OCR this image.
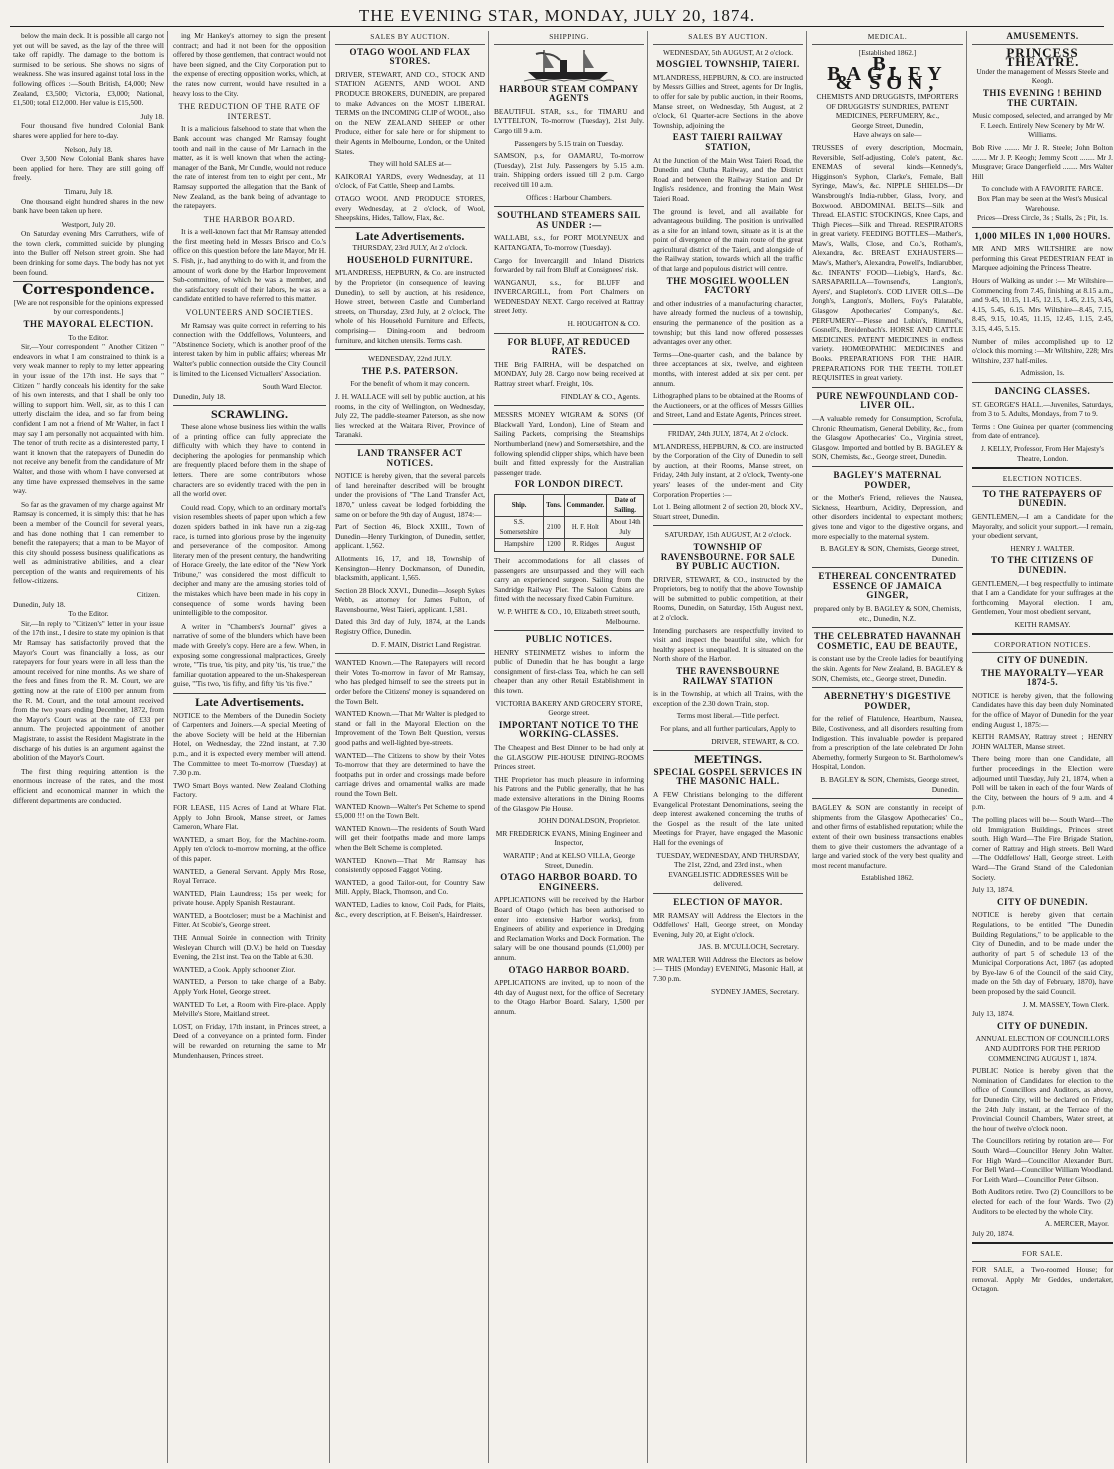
THE EVENING STAR, MONDAY, JULY 20, 1874.

below the main deck. It is possible all cargo not yet out will be saved, as the lay of the three will take off rapidly. The damage to the bottom is surmised to be serious. She shows no signs of weakness. She was insured against total loss in the following offices :—South British, £4,000; New Zealand, £3,500; Victoria, £3,000; National, £1,500; total £12,000. Her value is £15,500.

July 18.

Four thousand five hundred Colonial Bank shares were applied for here to-day.

Nelson, July 18.

Over 3,500 New Colonial Bank shares have been applied for here. They are still going off freely.

Timaru, July 18.

One thousand eight hundred shares in the new bank have been taken up here.

Westport, July 20.

On Saturday evening Mrs Carruthers, wife of the town clerk, committed suicide by plunging into the Buller off Nelson street groin. She had been drinking for some days. The body has not yet been found.

Correspondence.
[We are not responsible for the opinions expressed by our correspondents.]
THE MAYORAL ELECTION.
To the Editor.

Sir,—Your correspondent " Another Citizen " endeavors in what I am constrained to think is a very weak manner to reply to my letter appearing in your issue of the 17th inst. He says that " Citizen " hardly conceals his identity for the sake of his own interests, and that I shall be only too willing to support him. Well, sir, as to this I can utterly disclaim the idea, and so far from being confident I am not a friend of Mr Walter, in fact I may say I am personally not acquainted with him. The tenor of truth recite as a disinterested party, I want it known that the ratepayers of Dunedin do not receive any benefit from the candidature of Mr Walter, and those with whom I have conversed at any time have expressed themselves in the same way.

So far as the gravamen of my charge against Mr Ramsay is concerned, it is simply this: that he has been a member of the Council for several years, and has done nothing that I can remember to benefit the ratepayers; that a man to be Mayor of this city should possess business qualifications as well as administrative abilities, and a clear perception of the wants and requirements of his fellow-citizens.

Citizen.
Dunedin, July 18.
To the Editor.

Sir,—In reply to "Citizen's" letter in your issue of the 17th inst., I desire to state my opinion is that Mr Ramsay has satisfactorily proved that the Mayor's Court was financially a loss, as our ratepayers for four years were in all less than the amount received for nine months. As we share of the fees and fines from the R. M. Court, we are getting now at the rate of £100 per annum from the R. M. Court, and the total amount received from the two years ending December, 1872, from the Mayor's Court was at the rate of £33 per annum. The projected appointment of another Magistrate, to assist the Resident Magistrate in the discharge of his duties is an argument against the abolition of the Mayor's Court.

The first thing requiring attention is the enormous increase of the rates, and the most efficient and economical manner in which the different departments are conducted.

ing Mr Hankey's attorney to sign the present contract; and had it not been for the opposition offered by those gentlemen, that contract would not have been signed, and the City Corporation put to the expense of erecting opposition works, which, at the rates now current, would have resulted in a heavy loss to the City.

THE REDUCTION OF THE RATE OF INTEREST.

It is a malicious falsehood to state that when the Bank account was changed Mr Ramsay fought tooth and nail in the cause of Mr Larnach in the matter, as it is well known that when the acting-manager of the Bank, Mr Cundle, would not reduce the rate of interest from ten to eight per cent., Mr Ramsay supported the allegation that the Bank of New Zealand, as the bank being of advantage to the ratepayers.

THE HARBOR BOARD.

It is a well-known fact that Mr Ramsay attended the first meeting held in Messrs Brisco and Co.'s office on this question before the late Mayor, Mr H. S. Fish, jr., had anything to do with it, and from the amount of work done by the Harbor Improvement Sub-committee, of which he was a member, and the satisfactory result of their labors, he was as a candidate entitled to have referred to this matter.

VOLUNTEERS AND SOCIETIES.

Mr Ramsay was quite correct in referring to his connection with the Oddfellows, Volunteers, and "Abstinence Society, which is another proof of the interest taken by him in public affairs; whereas Mr Walter's public connection outside the City Council is limited to the Licensed Victuallers' Association.

South Ward Elector.
Dunedin, July 18.
SCRAWLING.

These alone whose business lies within the walls of a printing office can fully appreciate the difficulty with which they have to contend in deciphering the apologies for penmanship which are frequently placed before them in the shape of letters. There are some contributors whose characters are so evidently traced with the pen in all the world over.

Could read. Copy, which to an ordinary mortal's vision resembles sheets of paper upon which a few dozen spiders bathed in ink have run a zig-zag race, is turned into glorious prose by the ingenuity and perseverance of the compositor. Among literary men of the present century, the handwriting of Horace Greely, the late editor of the "New York Tribune," was considered the most difficult to decipher and many are the amusing stories told of the mistakes which have been made in his copy in consequence of some words having been unintelligible to the compositor.

A writer in "Chambers's Journal" gives a narrative of some of the blunders which have been made with Greely's copy. Here are a few. When, in exposing some congressional malpractices, Greely wrote, "'Tis true, 'tis pity, and pity 'tis, 'tis true," the familiar quotation appeared to the un-Shakesperean guise, "'Tis two, 'tis fifty, and fifty 'tis 'tis five."

Late Advertisements.
NOTICE to the Members of the Dunedin Society of Carpenters and Joiners.—A special Meeting of the above Society will be held at the Hibernian Hotel, on Wednesday, the 22nd instant, at 7.30 p.m., and it is expected every member will attend. The Committee to meet To-morrow (Tuesday) at 7.30 p.m.
TWO Smart Boys wanted. New Zealand Clothing Factory.
FOR LEASE, 115 Acres of Land at Whare Flat. Apply to John Brook, Manse street, or James Cameron, Whare Flat.
WANTED, a smart Boy, for the Machine-room. Apply ten o'clock to-morrow morning, at the office of this paper.
WANTED, a General Servant. Apply Mrs Rose, Royal Terrace.
WANTED, Plain Laundress; 15s per week; for private house. Apply Spanish Restaurant.
WANTED, a Bootcloser; must be a Machinist and Fitter. At Scobie's, George street.
THE Annual Soirée in connection with Trinity Wesleyan Church will (D.V.) be held on Tuesday Evening, the 21st inst. Tea on the Table at 6.30.
WANTED, a Cook. Apply schooner Zior.
WANTED, a Person to take charge of a Baby. Apply York Hotel, George street.
WANTED To Let, a Room with Fire-place. Apply Melville's Store, Maitland street.
LOST, on Friday, 17th instant, in Princes street, a Deed of a conveyance on a printed form. Finder will be rewarded on returning the same to Mr Mundenhausen, Princes street.
SALES BY AUCTION.
OTAGO WOOL AND FLAX STORES.
DRIVER, STEWART, AND CO., STOCK AND STATION AGENTS, AND WOOL AND PRODUCE BROKERS, DUNEDIN, are prepared to make Advances on the MOST LIBERAL TERMS on the INCOMING CLIP of WOOL, also on the NEW ZEALAND SHEEP or other Produce, either for sale here or for shipment to their Agents in Melbourne, London, or the United States.
They will hold SALES at—
KAIKORAI YARDS, every Wednesday, at 11 o'clock, of Fat Cattle, Sheep and Lambs.
OTAGO WOOL AND PRODUCE STORES, every Wednesday, at 2 o'clock, of Wool, Sheepskins, Hides, Tallow, Flax, &c.
Late Advertisements.
THURSDAY, 23rd JULY, At 2 o'clock.
HOUSEHOLD FURNITURE.
M'LANDRESS, HEPBURN, & Co. are instructed by the Proprietor (in consequence of leaving Dunedin), to sell by auction, at his residence, Howe street, between Castle and Cumberland streets, on Thursday, 23rd July, at 2 o'clock, The whole of his Household Furniture and Effects, comprising— Dining-room and bedroom furniture, and kitchen utensils. Terms cash.
WEDNESDAY, 22nd JULY.
THE P.S. PATERSON.
For the benefit of whom it may concern.
J. H. WALLACE will sell by public auction, at his rooms, in the city of Wellington, on Wednesday, July 22, The paddle-steamer Paterson, as she now lies wrecked at the Waitara River, Province of Taranaki.
LAND TRANSFER ACT NOTICES.
NOTICE is hereby given, that the several parcels of land hereinafter described will be brought under the provisions of "The Land Transfer Act, 1870," unless caveat be lodged forbidding the same on or before the 9th day of August, 1874:—
Part of Section 46, Block XXIII., Town of Dunedin—Henry Turkington, of Dunedin, settler, applicant. 1,562.
Allotments 16, 17, and 18, Township of Kensington—Henry Dockmanson, of Dunedin, blacksmith, applicant. 1,565.
Section 28 Block XXVI., Dunedin—Joseph Sykes Webb, as attorney for James Fulton, of Ravensbourne, West Taieri, applicant. 1,581.
Dated this 3rd day of July, 1874, at the Lands Registry Office, Dunedin.
D. F. MAIN, District Land Registrar.
WANTED Known.—The Ratepayers will record their Votes To-morrow in favor of Mr Ramsay, who has pledged himself to see the streets put in order before the Citizens' money is squandered on the Town Belt.
WANTED Known.—That Mr Walter is pledged to stand or fall in the Mayoral Election on the Improvement of the Town Belt Question, versus good paths and well-lighted bye-streets.
WANTED—The Citizens to show by their Votes To-morrow that they are determined to have the footpaths put in order and crossings made before carriage drives and ornamental walks are made round the Town Belt.
WANTED Known—Walter's Pet Scheme to spend £5,000 !!! on the Town Belt.
WANTED Known—The residents of South Ward will get their footpaths made and more lamps when the Belt Scheme is completed.
WANTED Known—That Mr Ramsay has consistently opposed Faggot Voting.
WANTED, a good Tailor-out, for Country Saw Mill. Apply, Black, Thomson, and Co.
WANTED, Ladies to know, Coil Pads, for Plaits, &c., every description, at F. Beisen's, Hairdresser.
SHIPPING.
HARBOUR STEAM COMPANY AGENTS
BEAUTIFUL STAR, s.s., for TIMARU and LYTTELTON, To-morrow (Tuesday), 21st July. Cargo till 9 a.m.
Passengers by 5.15 train on Tuesday.
SAMSON, p.s, for OAMARU, To-morrow (Tuesday), 21st July. Passengers by 5.15 a.m. train. Shipping orders issued till 2 p.m. Cargo received till 10 a.m.
Offices : Harbour Chambers.
SOUTHLAND STEAMERS SAIL AS UNDER :—
WALLABI, s.s., for PORT MOLYNEUX and KAITANGATA, To-morrow (Tuesday).
Cargo for Invercargill and Inland Districts forwarded by rail from Bluff at Consignees' risk.
WANGANUI, s.s., for BLUFF and INVERCARGILL, from Port Chalmers on WEDNESDAY NEXT. Cargo received at Rattray street Jetty.
H. HOUGHTON & CO.
FOR BLUFF, AT REDUCED RATES.
THE Brig FAIRHA, will be despatched on MONDAY, July 28. Cargo now being received at Rattray street wharf. Freight, 10s.
FINDLAY & CO., Agents.
MESSRS MONEY WIGRAM & SONS (Of Blackwall Yard, London), Line of Steam and Sailing Packets, comprising the Steamships Northumberland (new) and Somersetshire, and the following splendid clipper ships, which have been built and fitted expressly for the Australian passenger trade.
FOR LONDON DIRECT.
Ship.	Tons.	Commander.	Date of Sailing.
S.S. Somersetshire	2100	H. F. Holt	About 14th July
Hampshire	1200	R. Ridges	August
Their accommodations for all classes of passengers are unsurpassed and they will each carry an experienced surgeon. Sailing from the Sandridge Railway Pier. The Saloon Cabins are fitted with the necessary fixed Cabin Furniture.
W. P. WHITE & CO., 10, Elizabeth street south, Melbourne.
PUBLIC NOTICES.
HENRY STEINMETZ wishes to inform the public of Dunedin that he has bought a large consignment of first-class Tea, which he can sell cheaper than any other Retail Establishment in this town.
VICTORIA BAKERY AND GROCERY STORE, George street.
IMPORTANT NOTICE TO THE WORKING-CLASSES.
The Cheapest and Best Dinner to be had only at the GLASGOW PIE-HOUSE DINING-ROOMS Princes street.
THE Proprietor has much pleasure in informing his Patrons and the Public generally, that he has made extensive alterations in the Dining Rooms of the Glasgow Pie House.
JOHN DONALDSON, Proprietor.
MR FREDERICK EVANS, Mining Engineer and Inspector,
WARATIP ; And at KELSO VILLA, George Street, Dunedin.
OTAGO HARBOR BOARD. TO ENGINEERS.
APPLICATIONS will be received by the Harbor Board of Otago (which has been authorised to enter into extensive Harbor works), from Engineers of ability and experience in Dredging and Reclamation Works and Dock Formation. The salary will be one thousand pounds (£1,000) per annum.
OTAGO HARBOR BOARD.
APPLICATIONS are invited, up to noon of the 4th day of August next, for the office of Secretary to the Otago Harbor Board. Salary, 1,500 per annum.
SALES BY AUCTION.
WEDNESDAY, 5th AUGUST, At 2 o'clock.
MOSGIEL TOWNSHIP, TAIERI.
M'LANDRESS, HEPBURN, & CO. are instructed by Messrs Gillies and Street, agents for Dr Inglis, to offer for sale by public auction, in their Rooms, Manse street, on Wednesday, 5th August, at 2 o'clock, 61 Quarter-acre Sections in the above Township, adjoining the
EAST TAIERI RAILWAY STATION,
At the Junction of the Main West Taieri Road, the Dunedin and Clutha Railway, and the District Road and between the Railway Station and Dr Inglis's residence, and fronting the Main West Taieri Road.
The ground is level, and all available for advantageous building. The position is unrivalled as a site for an inland town, situate as it is at the point of divergence of the main route of the great agricultural district of the Taieri, and alongside of the Railway station, towards which all the traffic of that large and populous district will centre.
THE MOSGIEL WOOLLEN FACTORY
and other industries of a manufacturing character, have already formed the nucleus of a township, ensuring the permanence of the position as a township; but this land now offered possesses advantages over any other.
Terms—One-quarter cash, and the balance by three acceptances at six, twelve, and eighteen months, with interest added at six per cent. per annum.
Lithographed plans to be obtained at the Rooms of the Auctioneers, or at the offices of Messrs Gillies and Street, Land and Estate Agents, Princes street.
FRIDAY, 24th JULY, 1874, At 2 o'clock.
M'LANDRESS, HEPBURN, & CO. are instructed by the Corporation of the City of Dunedin to sell by auction, at their Rooms, Manse street, on Friday, 24th July instant, at 2 o'clock, Twenty-one years' leases of the under-ment and City Corporation Properties :—
Lot 1. Being allotment 2 of section 20, block XV., Stuart street, Dunedin.
SATURDAY, 15th AUGUST, At 2 o'clock.
TOWNSHIP OF RAVENSBOURNE. FOR SALE BY PUBLIC AUCTION.
DRIVER, STEWART, & CO., instructed by the Proprietors, beg to notify that the above Township will be submitted to public competition, at their Rooms, Dunedin, on Saturday, 15th August next, at 2 o'clock.
Intending purchasers are respectfully invited to visit and inspect the beautiful site, which for healthy aspect is unequalled. It is situated on the North shore of the Harbor.
THE RAVENSBOURNE RAILWAY STATION
is in the Township, at which all Trains, with the exception of the 2.30 down Train, stop.
Terms most liberal.—Title perfect.
For plans, and all further particulars, Apply to
DRIVER, STEWART, & CO.
MEETINGS.
SPECIAL GOSPEL SERVICES IN THE MASONIC HALL.
A FEW Christians belonging to the different Evangelical Protestant Denominations, seeing the deep interest awakened concerning the truths of the Gospel as the result of the late united Meetings for Prayer, have engaged the Masonic Hall for the evenings of
TUESDAY, WEDNESDAY, AND THURSDAY, The 21st, 22nd, and 23rd inst., when EVANGELISTIC ADDRESSES Will be delivered.
ELECTION OF MAYOR.
MR RAMSAY will Address the Electors in the Oddfellows' Hall, George street, on Monday Evening, July 20, at Eight o'clock.
JAS. B. M'CULLOCH, Secretary.
MR WALTER Will Address the Electors as below :— THIS (Monday) EVENING, Masonic Hall, at 7.30 p.m.
SYDNEY JAMES, Secretary.
MEDICAL.
[Established 1862.]
B. BAGLEY & SON,
CHEMISTS AND DRUGGISTS, IMPORTERS OF DRUGGISTS' SUNDRIES, PATENT MEDICINES, PERFUMERY, &c.,
George Street, Dunedin,
Have always on sale—
TRUSSES of every description, Mocmain, Reversible, Self-adjusting, Cole's patent, &c. ENEMAS of several kinds—Kennedy's, Higginson's Syphon, Clarke's, Female, Ball Syringe, Maw's, &c. NIPPLE SHIELDS—Dr Wansbrough's India-rubber, Glass, Ivory, and Boxwood. ABDOMINAL BELTS—Silk and Thread. ELASTIC STOCKINGS, Knee Caps, and Thigh Pieces—Silk and Thread. RESPIRATORS in great variety. FEEDING BOTTLES—Mather's, Maw's, Walls, Close, and Co.'s, Rotham's, Alexandra, &c. BREAST EXHAUSTERS—Maw's, Mather's, Alexandra, Powell's, Indiarubber, &c. INFANTS' FOOD—Liebig's, Hard's, &c. SARSAPARILLA—Townsend's, Langton's, Ayers', and Stapleton's. COD LIVER OILS—De Jongh's, Langton's, Mollers, Foy's Palatable, Glasgow Apothecaries' Company's, &c. PERFUMERY—Piesse and Lubin's, Rimmel's, Gosnell's, Breidenbach's. HORSE AND CATTLE MEDICINES. PATENT MEDICINES in endless variety. HOMŒOPATHIC MEDICINES and Books. PREPARATIONS FOR THE HAIR. PREPARATIONS FOR THE TEETH. TOILET REQUISITES in great variety.
PURE NEWFOUNDLAND COD-LIVER OIL.
—A valuable remedy for Consumption, Scrofula, Chronic Rheumatism, General Debility, &c., from the Glasgow Apothecaries' Co., Virginia street, Glasgow. Imported and bottled by B. BAGLEY & SON, Chemists, &c., George street, Dunedin.
BAGLEY'S MATERNAL POWDER,
or the Mother's Friend, relieves the Nausea, Sickness, Heartburn, Acidity, Depression, and other disorders incidental to expectant mothers; gives tone and vigor to the digestive organs, and more especially to the maternal system.
B. BAGLEY & SON, Chemists, George street, Dunedin.
ETHEREAL CONCENTRATED ESSENCE OF JAMAICA GINGER,
prepared only by B. BAGLEY & SON, Chemists, etc., Dunedin, N.Z.
THE CELEBRATED HAVANNAH COSMETIC, EAU DE BEAUTE,
is constant use by the Creole ladies for beautifying the skin. Agents for New Zealand, B. BAGLEY & SON, Chemists, etc., George street, Dunedin.
ABERNETHY'S DIGESTIVE POWDER,
for the relief of Flatulence, Heartburn, Nausea, Bile, Costiveness, and all disorders resulting from Indigestion. This invaluable powder is prepared from a prescription of the late celebrated Dr John Abernethy, formerly Surgeon to St. Bartholomew's Hospital, London.
B. BAGLEY & SON, Chemists, George street, Dunedin.
BAGLEY & SON are constantly in receipt of shipments from the Glasgow Apothecaries' Co., and other firms of established reputation; while the extent of their own business transactions enables them to give their customers the advantage of a large and varied stock of the very best quality and most recent manufacture.
Established 1862.
AMUSEMENTS.
PRINCESS THEATRE.
Under the management of Messrs Steele and Keogh.
THIS EVENING ! BEHIND THE CURTAIN.
Music composed, selected, and arranged by Mr F. Leech. Entirely New Scenery by Mr W. Williams.
Bob Rive ........ Mr J. R. Steele; John Bolton ........ Mr J. P. Keogh; Jemmy Scott ........ Mr J. Musgrave; Grace Dangerfield ........ Mrs Walter Hill
To conclude with A FAVORITE FARCE.
Box Plan may be seen at the West's Musical Warehouse.
Prices—Dress Circle, 3s ; Stalls, 2s ; Pit, 1s.
1,000 MILES IN 1,000 HOURS.
MR AND MRS WILTSHIRE are now performing this Great PEDESTRIAN FEAT in Marquee adjoining the Princess Theatre.
Hours of Walking as under :— Mr Wiltshire—Commencing from 7.45, finishing at 8.15 a.m., and 9.45, 10.15, 11.45, 12.15, 1.45, 2.15, 3.45, 4.15, 5.45, 6.15. Mrs Wiltshire—8.45, 7.15, 8.45, 9.15, 10.45, 11.15, 12.45, 1.15, 2.45, 3.15, 4.45, 5.15.
Number of miles accomplished up to 12 o'clock this morning :—Mr Wiltshire, 228; Mrs Wiltshire, 237 half-miles.
Admission, 1s.
DANCING CLASSES.
ST. GEORGE'S HALL.—Juveniles, Saturdays, from 3 to 5. Adults, Mondays, from 7 to 9.
Terms : One Guinea per quarter (commencing from date of entrance).
J. KELLY, Professor, From Her Majesty's Theatre, London.
ELECTION NOTICES.
TO THE RATEPAYERS OF DUNEDIN.
GENTLEMEN,—I am a Candidate for the Mayoralty, and solicit your support.—I remain, your obedient servant,
HENRY J. WALTER.
TO THE CITIZENS OF DUNEDIN.
GENTLEMEN,—I beg respectfully to intimate that I am a Candidate for your suffrages at the forthcoming Mayoral election. I am, Gentlemen, Your most obedient servant,
KEITH RAMSAY.
CORPORATION NOTICES.
CITY OF DUNEDIN.
THE MAYORALTY—YEAR 1874-5.
NOTICE is hereby given, that the following Candidates have this day been duly Nominated for the office of Mayor of Dunedin for the year ending August 1, 1875:—
KEITH RAMSAY, Rattray street ; HENRY JOHN WALTER, Manse street.
There being more than one Candidate, all further proceedings in the Election were adjourned until Tuesday, July 21, 1874, when a Poll will be taken in each of the four Wards of the City, between the hours of 9 a.m. and 4 p.m.
The polling places will be— South Ward—The old Immigration Buildings, Princes street south. High Ward—The Fire Brigade Station, corner of Rattray and High streets. Bell Ward—The Oddfellows' Hall, George street. Leith Ward—The Grand Stand of the Caledonian Society.
July 13, 1874.
CITY OF DUNEDIN.
NOTICE is hereby given that certain Regulations, to be entitled "The Dunedin Building Regulations," to be applicable to the City of Dunedin, and to be made under the authority of part 5 of schedule 13 of the Municipal Corporations Act, 1867 (as adopted by Bye-law 6 of the Council of the said City, made on the 5th day of February, 1870), have been proposed by the said Council.
J. M. MASSEY, Town Clerk.
July 13, 1874.
CITY OF DUNEDIN.
ANNUAL ELECTION OF COUNCILLORS AND AUDITORS FOR THE PERIOD COMMENCING AUGUST 1, 1874.
PUBLIC Notice is hereby given that the Nomination of Candidates for election to the office of Councillors and Auditors, as above, for Dunedin City, will be declared on Friday, the 24th July instant, at the Terrace of the Provincial Council Chambers, Water street, at the hour of twelve o'clock noon.
The Councillors retiring by rotation are— For South Ward—Councillor Henry John Walter. For High Ward—Councillor Alexander Burt. For Bell Ward—Councillor William Woodland. For Leith Ward—Councillor Peter Gibson.
Both Auditors retire. Two (2) Councillors to be elected for each of the four Wards. Two (2) Auditors to be elected by the whole City.
A. MERCER, Mayor.
July 20, 1874.
FOR SALE.
FOR SALE, a Two-roomed House; for removal. Apply Mr Geddes, undertaker, Octagon.
